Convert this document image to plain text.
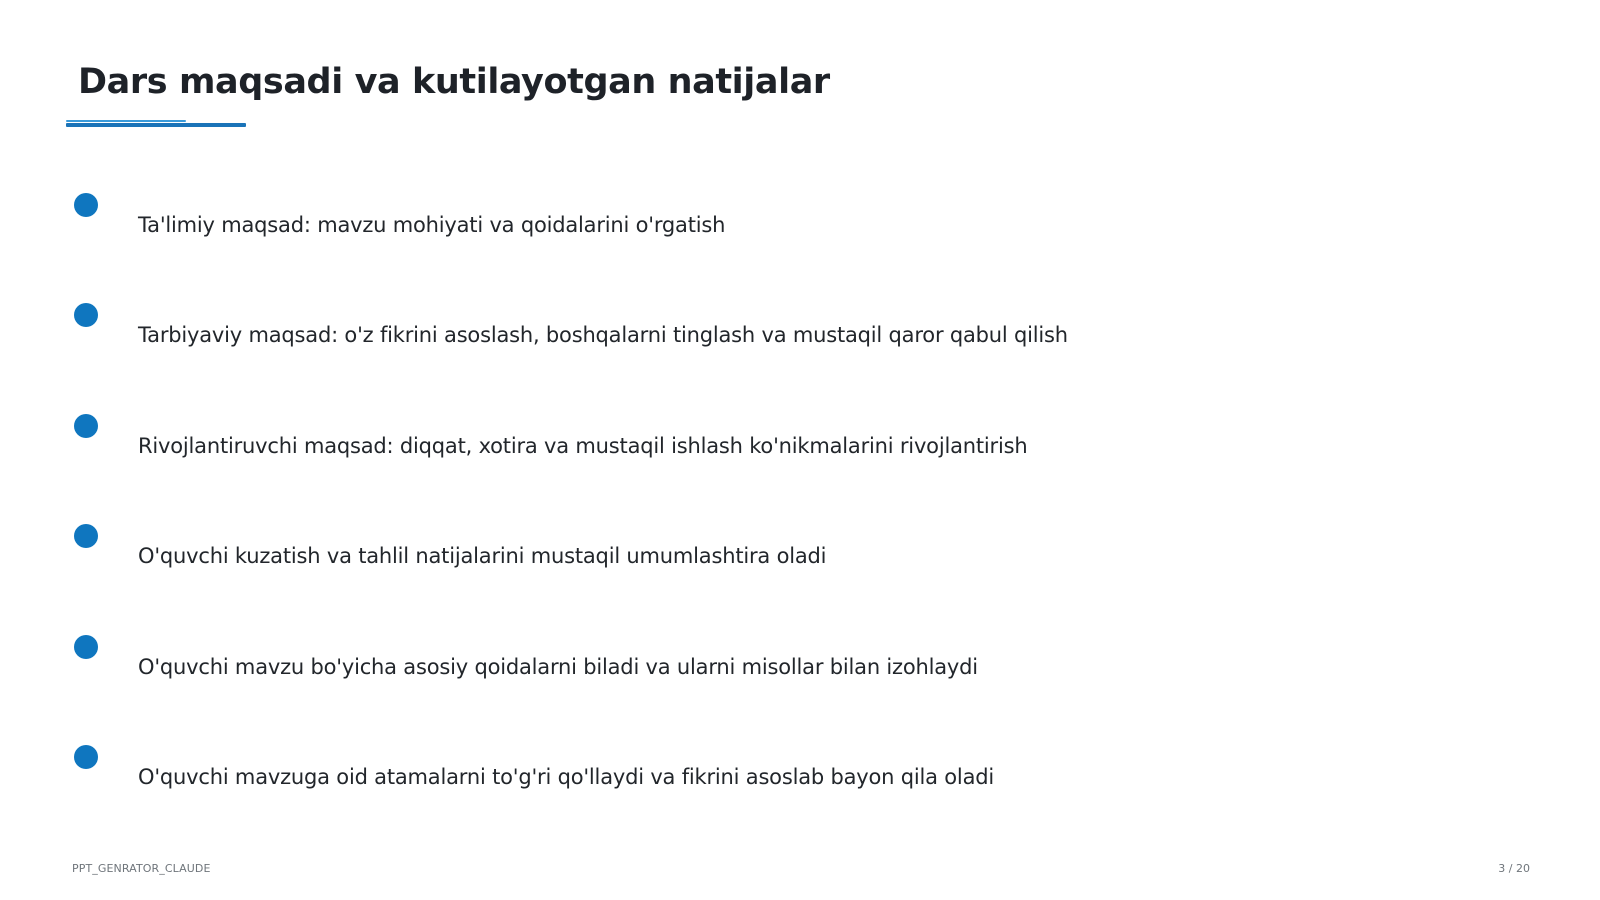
Dars maqsadi va kutilayotgan natijalar
Ta'limiy maqsad: mavzu mohiyati va qoidalarini o'rgatish
Tarbiyaviy maqsad: o'z fikrini asoslash, boshqalarni tinglash va mustaqil qaror qabul qilish
Rivojlantiruvchi maqsad: diqqat, xotira va mustaqil ishlash ko'nikmalarini rivojlantirish
O'quvchi kuzatish va tahlil natijalarini mustaqil umumlashtira oladi
O'quvchi mavzu bo'yicha asosiy qoidalarni biladi va ularni misollar bilan izohlaydi
O'quvchi mavzuga oid atamalarni to'g'ri qo'llaydi va fikrini asoslab bayon qila oladi
PPT_GENRATOR_CLAUDE	3 / 20
